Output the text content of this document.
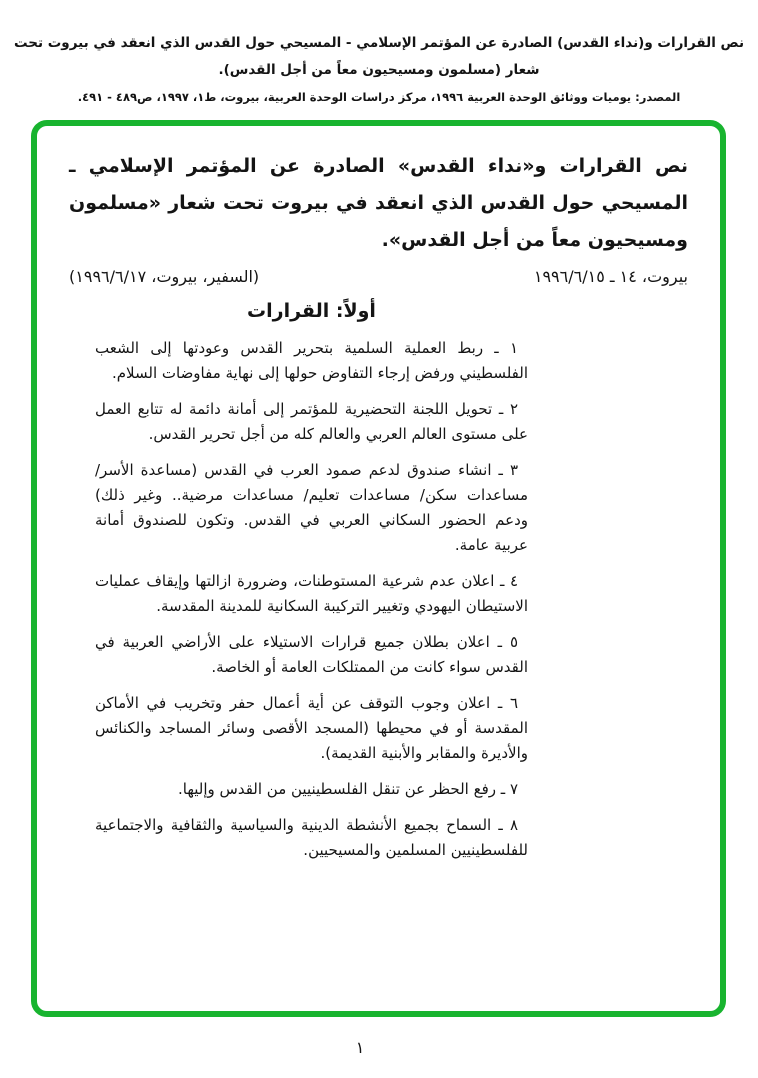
نص القرارات و(نداء القدس) الصادرة عن المؤتمر الإسلامي - المسيحي حول القدس الذي انعقد في بيروت تحت
شعار (مسلمون ومسيحيون معاً من أجل القدس).
المصدر: يوميات ووثائق الوحدة العربية ١٩٩٦، مركز دراسات الوحدة العربية، بيروت، ط١، ١٩٩٧، ص٤٨٩ - ٤٩١.

نص القرارات و«نداء القدس» الصادرة عن المؤتمر الإسلامي ـ المسيحي حول القدس الذي انعقد في بيروت تحت شعار «مسلمون ومسيحيون معاً من أجل القدس».

بيروت، ١٤ ـ ١٩٩٦/٦/١٥
(السفير، بيروت، ١٩٩٦/٦/١٧)
أولاً: القرارات

١ ـ ربط العملية السلمية بتحرير القدس وعودتها إلى الشعب الفلسطيني ورفض إرجاء التفاوض حولها إلى نهاية مفاوضات السلام.

٢ ـ تحويل اللجنة التحضيرية للمؤتمر إلى أمانة دائمة له تتابع العمل على مستوى العالم العربي والعالم كله من أجل تحرير القدس.

٣ ـ انشاء صندوق لدعم صمود العرب في القدس (مساعدة الأسر/ مساعدات سكن/ مساعدات تعليم/ مساعدات مرضية.. وغير ذلك) ودعم الحضور السكاني العربي في القدس. وتكون للصندوق أمانة عربية عامة.

٤ ـ اعلان عدم شرعية المستوطنات، وضرورة ازالتها وإيقاف عمليات الاستيطان اليهودي وتغيير التركيبة السكانية للمدينة المقدسة.

٥ ـ اعلان بطلان جميع قرارات الاستيلاء على الأراضي العربية في القدس سواء كانت من الممتلكات العامة أو الخاصة.

٦ ـ اعلان وجوب التوقف عن أية أعمال حفر وتخريب في الأماكن المقدسة أو في محيطها (المسجد الأقصى وسائر المساجد والكنائس والأديرة والمقابر والأبنية القديمة).

٧ ـ رفع الحظر عن تنقل الفلسطينيين من القدس وإليها.

٨ ـ السماح بجميع الأنشطة الدينية والسياسية والثقافية والاجتماعية للفلسطينيين المسلمين والمسيحيين.

١
